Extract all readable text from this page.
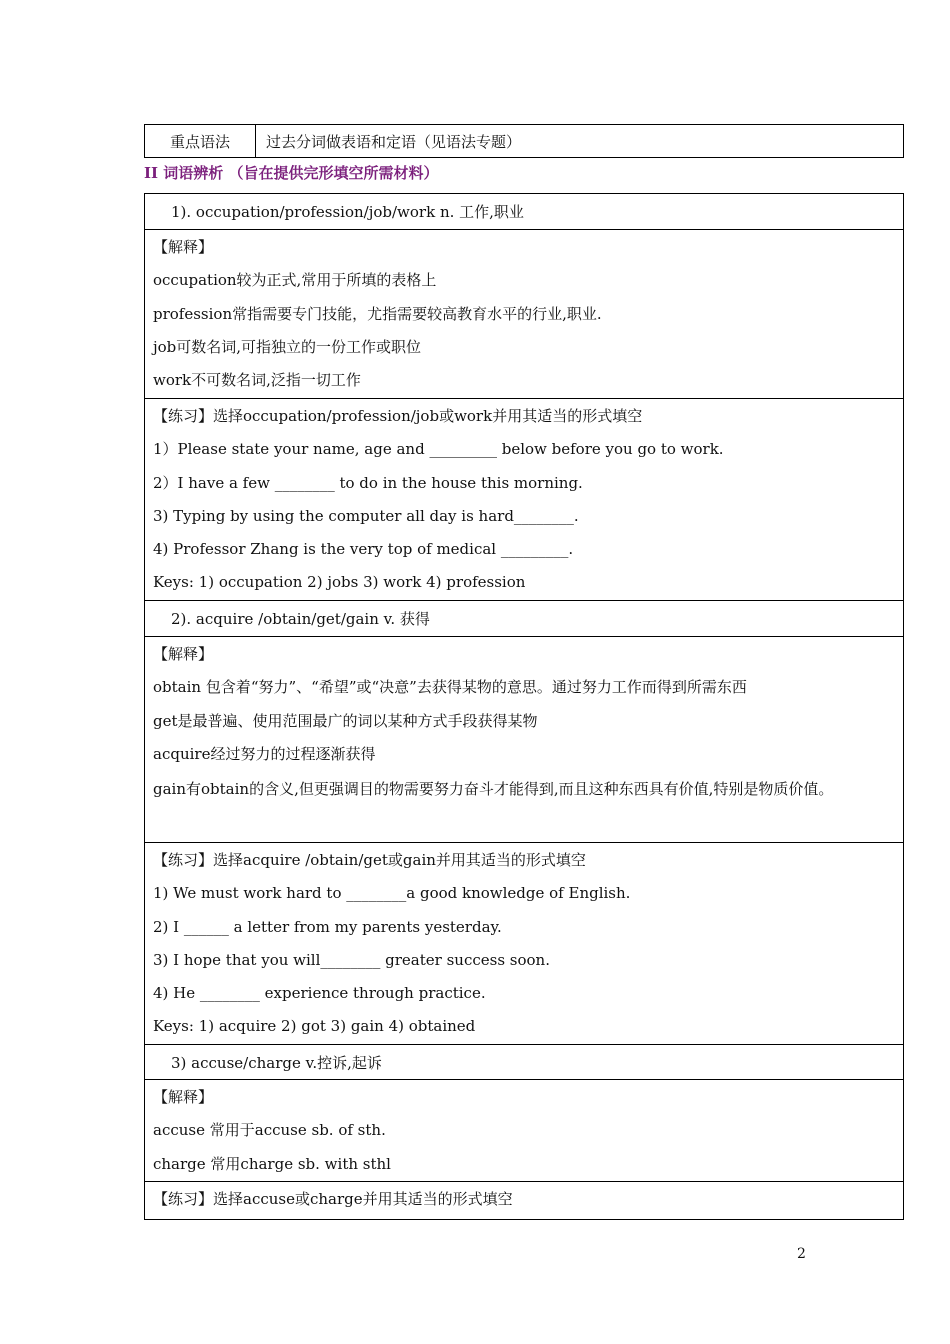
重点语法	过去分词做表语和定语（见语法专题）
II 词语辨析 （旨在提供完形填空所需材料）
1). occupation/profession/job/work n. 工作,职业
【解释】
occupation较为正式,常用于所填的表格上
profession常指需要专门技能，尤指需要较高教育水平的行业,职业.
job可数名词,可指独立的一份工作或职位
work不可数名词,泛指一切工作
【练习】选择occupation/profession/job或work并用其适当的形式填空
1）Please state your name, age and _________ below before you go to work.
2）I have a few ________ to do in the house this morning.
3) Typing by using the computer all day is hard________.
4) Professor Zhang is the very top of medical _________.
Keys: 1) occupation 2) jobs 3) work 4) profession
2). acquire /obtain/get/gain v. 获得
【解释】
obtain 包含着“努力”、“希望”或“决意”去获得某物的意思。通过努力工作而得到所需东西
get是最普遍、使用范围最广的词以某种方式手段获得某物
acquire经过努力的过程逐渐获得
gain有obtain的含义,但更强调目的物需要努力奋斗才能得到,而且这种东西具有价值,特别是物质价值。
【练习】选择acquire /obtain/get或gain并用其适当的形式填空
1) We must work hard to ________a good knowledge of English.
2) I ______ a letter from my parents yesterday.
3) I hope that you will________ greater success soon.
4) He ________ experience through practice.
Keys: 1) acquire 2) got 3) gain 4) obtained
3) accuse/charge v.控诉,起诉
【解释】
accuse 常用于accuse sb. of sth.
charge 常用charge sb. with sthl
【练习】选择accuse或charge并用其适当的形式填空
2
